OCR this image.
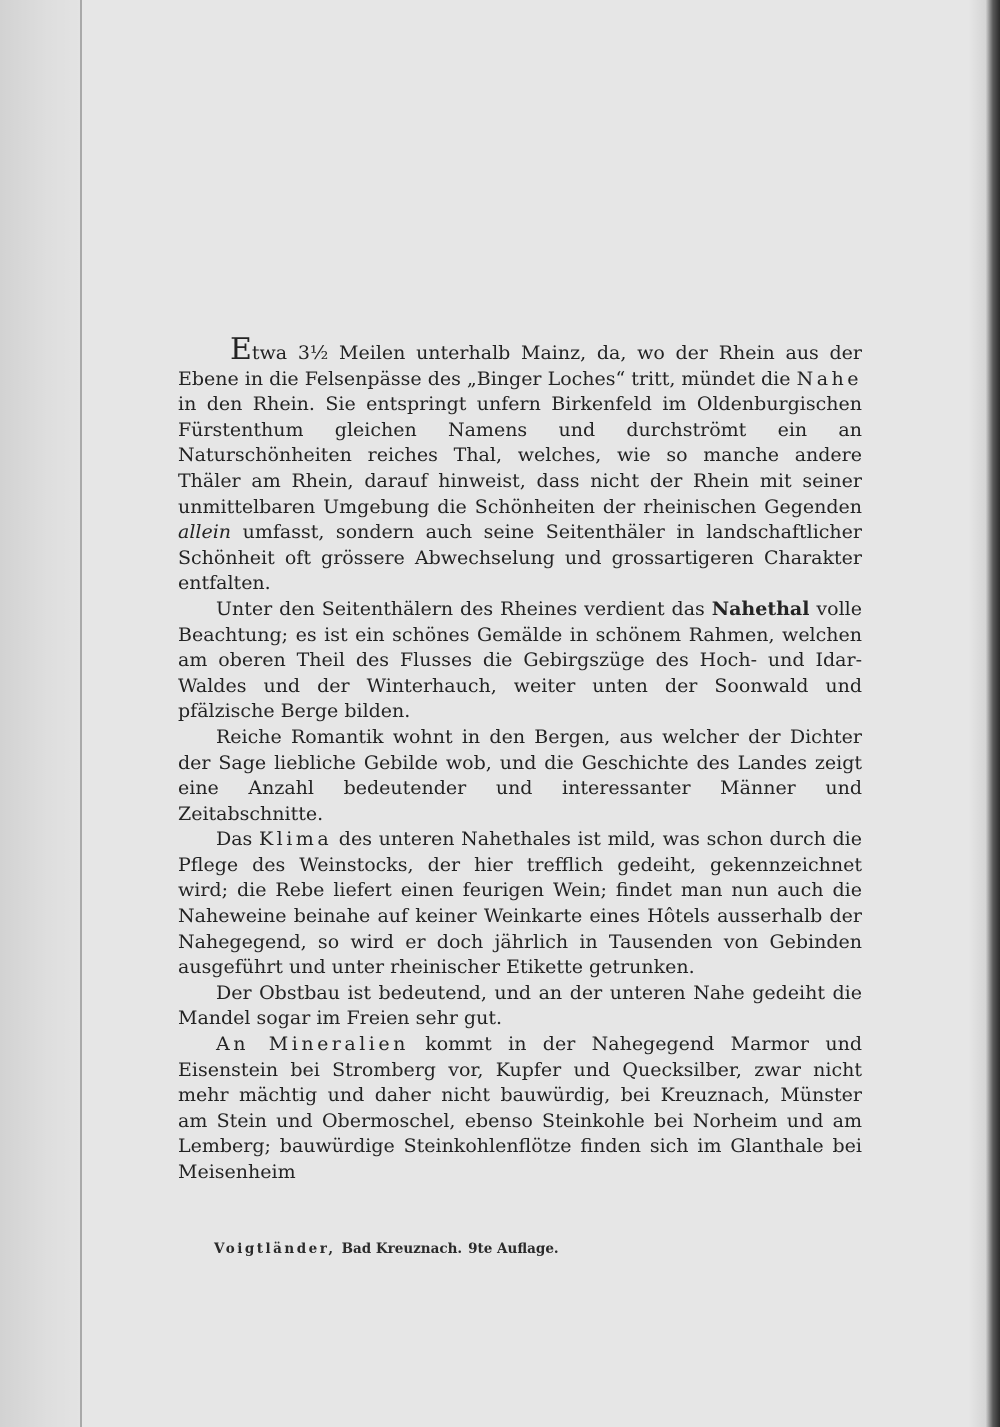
Etwa 3½ Meilen unterhalb Mainz, da, wo der Rhein aus der Ebene in die Felsenpässe des „Binger Loches“ tritt, mündet die Nahe in den Rhein. Sie entspringt unfern Birkenfeld im Oldenburgischen Fürstenthum gleichen Namens und durchströmt ein an Naturschönheiten reiches Thal, welches, wie so manche andere Thäler am Rhein, darauf hinweist, dass nicht der Rhein mit seiner unmittelbaren Umgebung die Schönheiten der rheinischen Gegenden allein umfasst, sondern auch seine Seitenthäler in landschaftlicher Schönheit oft grössere Abwechselung und grossartigeren Charakter entfalten.

Unter den Seitenthälern des Rheines verdient das Nahethal volle Beachtung; es ist ein schönes Gemälde in schönem Rahmen, welchen am oberen Theil des Flusses die Gebirgszüge des Hoch- und Idar-Waldes und der Winterhauch, weiter unten der Soonwald und pfälzische Berge bilden.

Reiche Romantik wohnt in den Bergen, aus welcher der Dichter der Sage liebliche Gebilde wob, und die Geschichte des Landes zeigt eine Anzahl bedeutender und interessanter Männer und Zeitabschnitte.

Das Klima des unteren Nahethales ist mild, was schon durch die Pflege des Weinstocks, der hier trefflich gedeiht, gekennzeichnet wird; die Rebe liefert einen feurigen Wein; findet man nun auch die Naheweine beinahe auf keiner Weinkarte eines Hôtels ausserhalb der Nahegegend, so wird er doch jährlich in Tausenden von Gebinden ausgeführt und unter rheinischer Etikette getrunken.

Der Obstbau ist bedeutend, und an der unteren Nahe gedeiht die Mandel sogar im Freien sehr gut.

An Mineralien kommt in der Nahegegend Marmor und Eisenstein bei Stromberg vor, Kupfer und Quecksilber, zwar nicht mehr mächtig und daher nicht bauwürdig, bei Kreuznach, Münster am Stein und Obermoschel, ebenso Steinkohle bei Norheim und am Lemberg; bauwürdige Steinkohlenflötze finden sich im Glanthale bei Meisenheim

Voigtländer, Bad Kreuznach. 9te Auflage.
